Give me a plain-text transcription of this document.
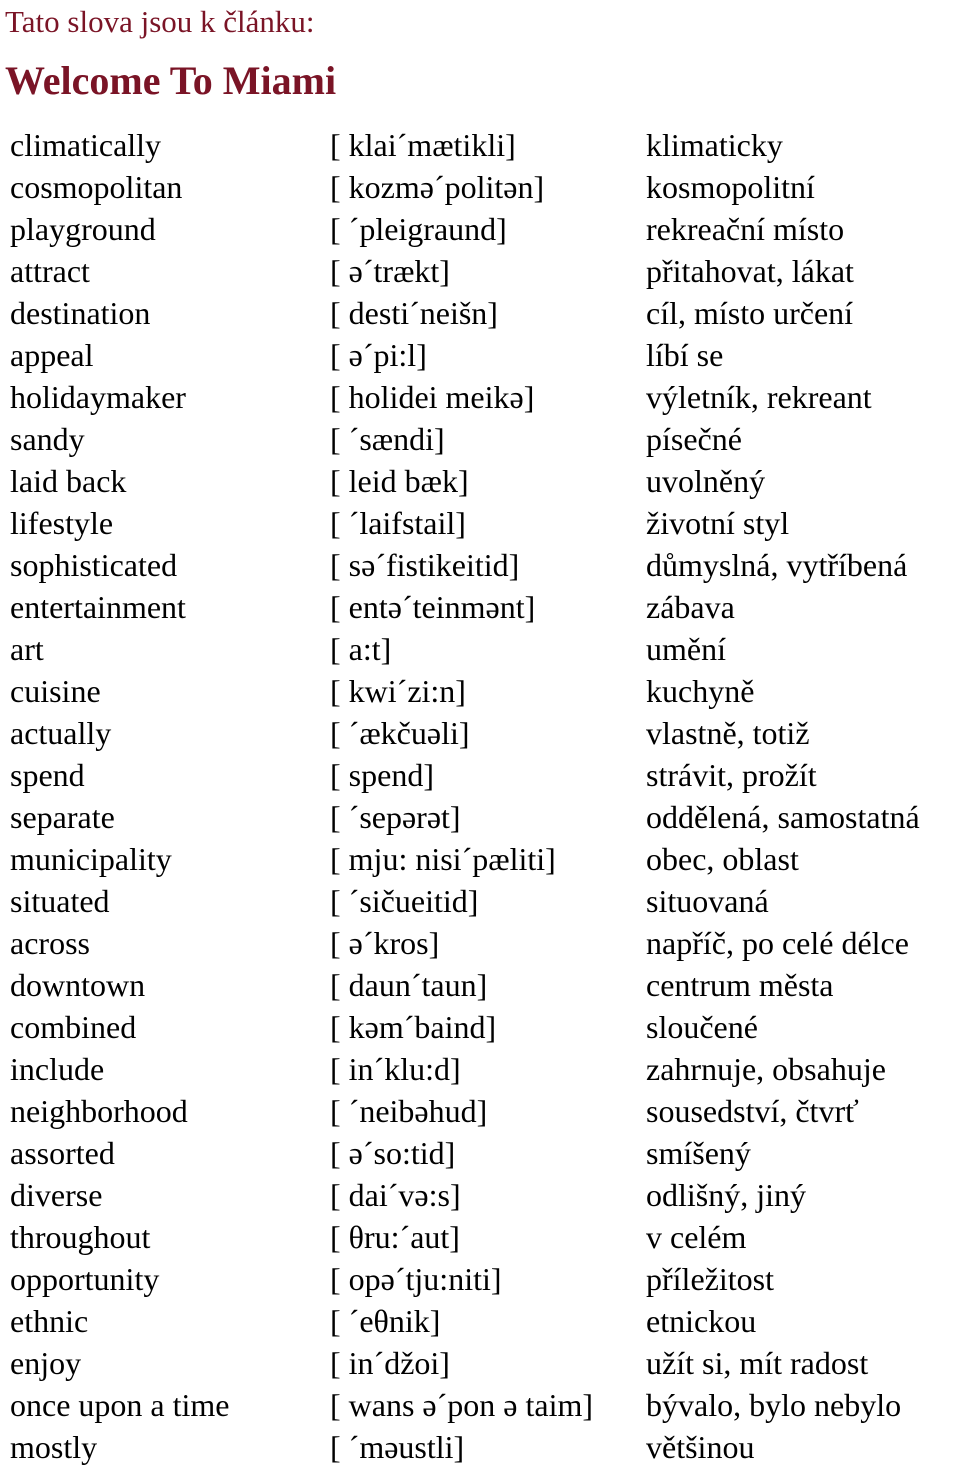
Tato slova jsou k článku:
Welcome To Miami
climatically	[ klai´mætikli]	klimaticky
cosmopolitan	[ kozmə´politən]	kosmopolitní
playground	[ ´pleigraund]	rekreační místo
attract	[ ə´trækt]	přitahovat, lákat
destination	[ desti´neišn]	cíl, místo určení
appeal	[ ə´pi:l]	líbí se
holidaymaker	[ holidei meikə]	výletník, rekreant
sandy	[ ´sændi]	písečné
laid back	[ leid bæk]	uvolněný
lifestyle	[ ´laifstail]	životní styl
sophisticated	[ sə´fistikeitid]	důmyslná, vytříbená
entertainment	[ entə´teinmənt]	zábava
art	[ a:t]	umění
cuisine	[ kwi´zi:n]	kuchyně
actually	[ ´ækčuəli]	vlastně, totiž
spend	[ spend]	strávit, prožít
separate	[ ´sepərət]	oddělená, samostatná
municipality	[ mju: nisi´pæliti]	obec, oblast
situated	[ ´sičueitid]	situovaná
across	[ ə´kros]	napříč, po celé délce
downtown	[ daun´taun]	centrum města
combined	[ kəm´baind]	sloučené
include	[ in´klu:d]	zahrnuje, obsahuje
neighborhood	[ ´neibəhud]	sousedství, čtvrť
assorted	[ ə´so:tid]	smíšený
diverse	[ dai´və:s]	odlišný, jiný
throughout	[ θru:´aut]	v celém
opportunity	[ opə´tju:niti]	příležitost
ethnic	[ ´eθnik]	etnickou
enjoy	[ in´džoi]	užít si, mít radost
once upon a time	[ wans ə´pon ə taim] bývalo, bylo nebylo
mostly	[ ´məustli]	většinou
